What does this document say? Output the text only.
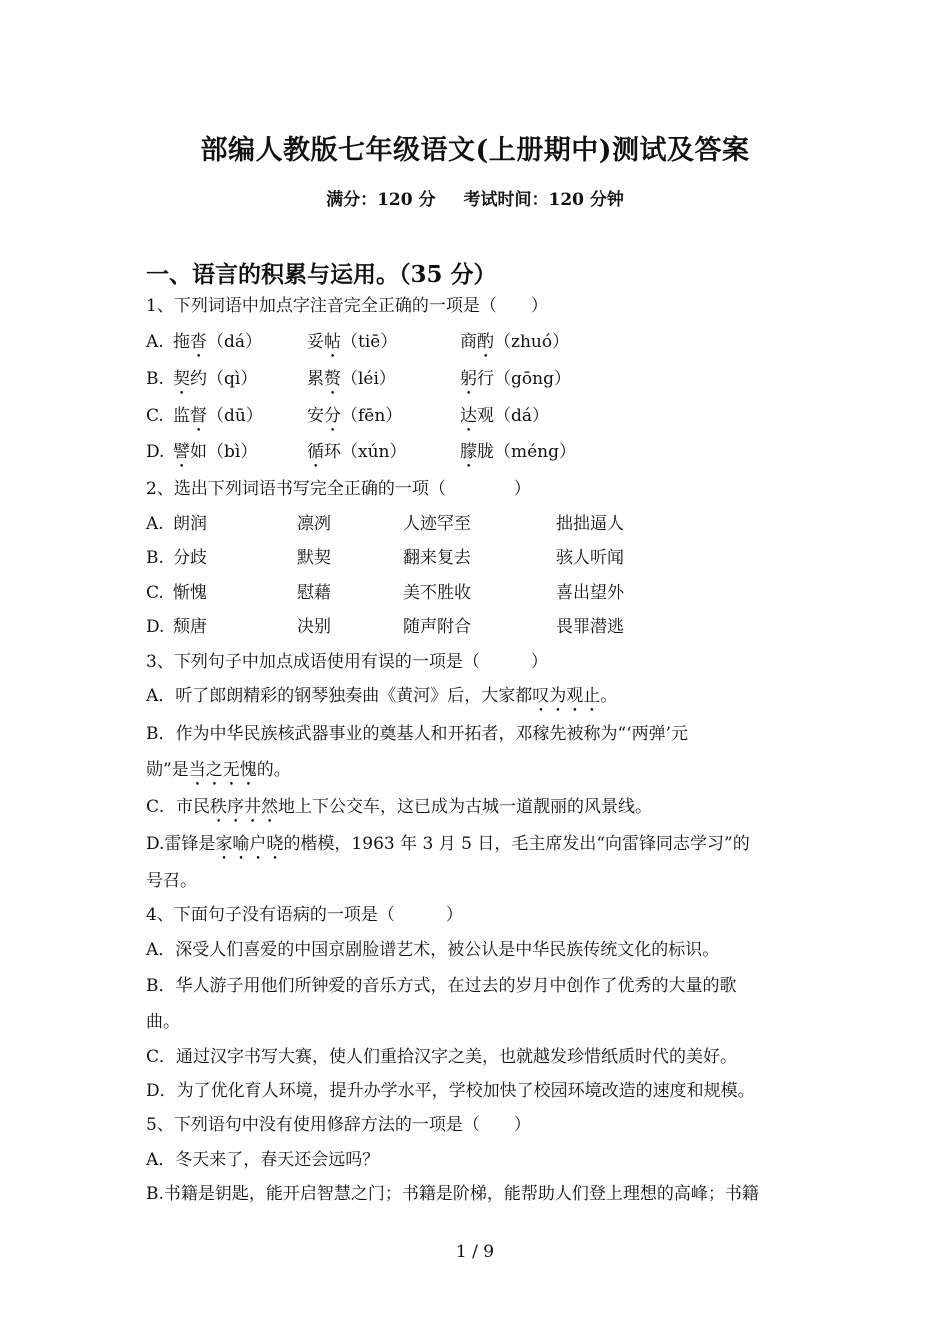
部编人教版七年级语文(上册期中)测试及答案
满分：120 分 考试时间：120 分钟
一、语言的积累与运用。（35 分）
1、下列词语中加点字注音完全正确的一项是（　　）
A. 拖沓（dá）	妥帖（tiē）	商酌（zhuó）
B. 契约（qì）	累赘（léi）	躬行（gōng）
C. 监督（dū）	安分（fēn）	达观（dá）
D. 譬如（bì）	循环（xún）	朦胧（méng）
2、选出下列词语书写完全正确的一项（　　　　）
A. 朗润	凛冽	人迹罕至	拙拙逼人
B. 分歧	默契	翻来复去	骇人听闻
C. 惭愧	慰藉	美不胜收	喜出望外
D. 颓唐	决别	随声附合	畏罪潜逃
3、下列句子中加点成语使用有误的一项是（　　　）
A．听了郎朗精彩的钢琴独奏曲《黄河》后，大家都叹为观止。
B．作为中华民族核武器事业的奠基人和开拓者，邓稼先被称为“‘两弹’元
勋”是当之无愧的。
C．市民秩序井然地上下公交车，这已成为古城一道靓丽的风景线。
D.雷锋是家喻户晓的楷模，1963 年 3 月 5 日，毛主席发出“向雷锋同志学习”的
号召。
4、下面句子没有语病的一项是（　　　）
A．深受人们喜爱的中国京剧脸谱艺术，被公认是中华民族传统文化的标识。
B．华人游子用他们所钟爱的音乐方式，在过去的岁月中创作了优秀的大量的歌
曲。
C．通过汉字书写大赛，使人们重拾汉字之美，也就越发珍惜纸质时代的美好。
D．为了优化育人环境，提升办学水平，学校加快了校园环境改造的速度和规模。
5、下列语句中没有使用修辞方法的一项是（　　）
A．冬天来了，春天还会远吗？
B.书籍是钥匙，能开启智慧之门；书籍是阶梯，能帮助人们登上理想的高峰；书籍
1 / 9
